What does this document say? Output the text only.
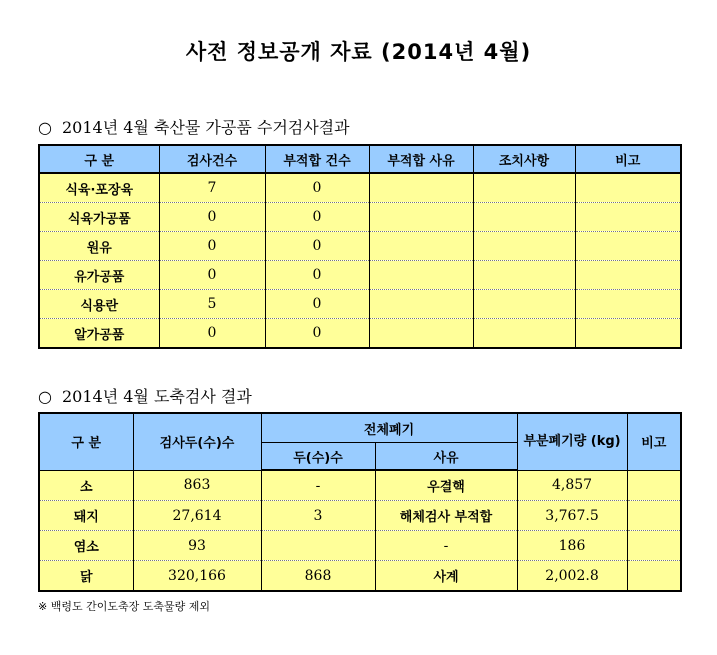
사전 정보공개 자료 (2014년 4월)
○ 2014년 4월 축산물 가공품 수거검사결과
구 분	검사건수	부적합 건수	부적합 사유	조치사항	비고
식육·포장육	7	0			
식육가공품	0	0			
원유	0	0			
유가공품	0	0			
식용란	5	0			
알가공품	0	0			
○ 2014년 4월 도축검사 결과
구 분	검사두(수)수	전체폐기		부분폐기량 (kg)	비고
		두(수)수	사유		
소	863	-	우결핵	4,857	
돼지	27,614	3	해체검사 부적합	3,767.5	
염소	93		-	186	
닭	320,166	868	사계	2,002.8	
※ 백령도 간이도축장 도축물량 제외
